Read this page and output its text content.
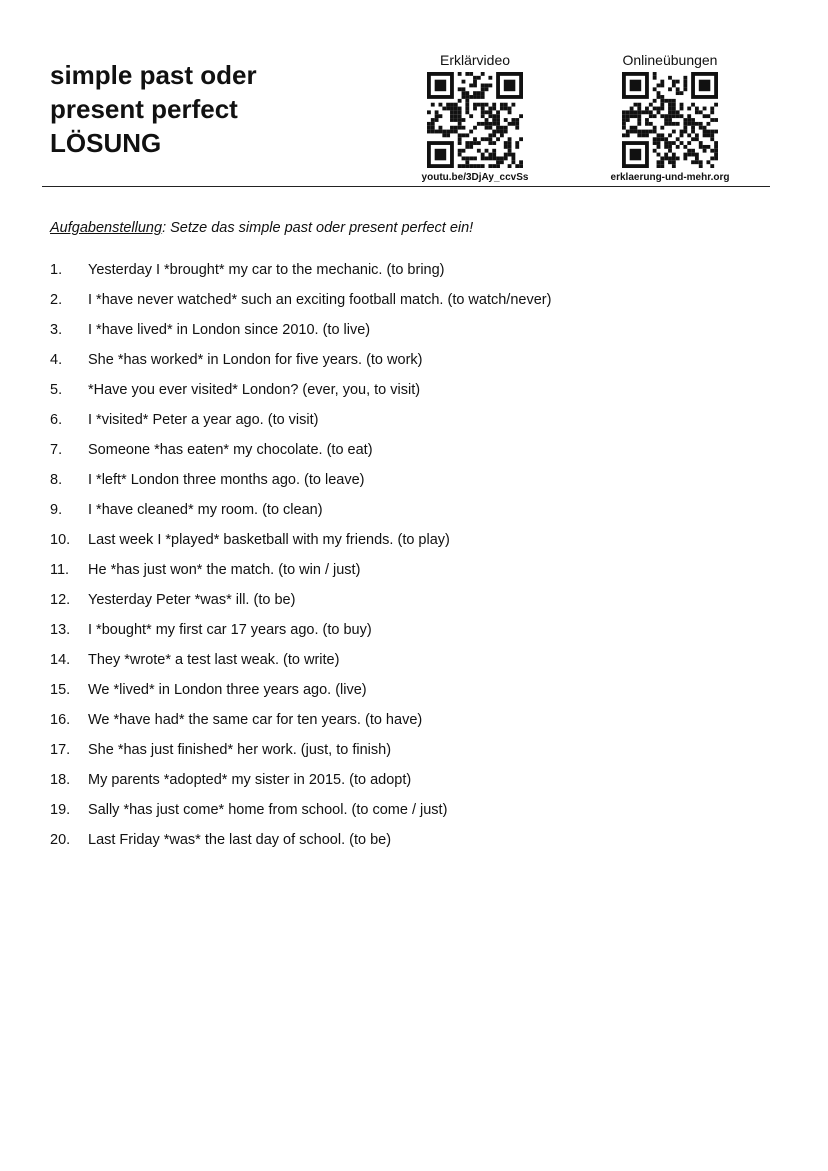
simple past oder
present perfect
LÖSUNG
Erklärvideo
youtu.be/3DjAy_ccvSs
Onlineübungen
erklaerung-und-mehr.org
Aufgabenstellung: Setze das simple past oder present perfect ein!
1. Yesterday I *brought* my car to the mechanic. (to bring)
2. I *have never watched* such an exciting football match. (to watch/never)
3. I *have lived* in London since 2010. (to live)
4. She *has worked* in London for five years. (to work)
5. *Have you ever visited* London? (ever, you, to visit)
6. I *visited* Peter a year ago. (to visit)
7. Someone *has eaten* my chocolate. (to eat)
8. I *left* London three months ago. (to leave)
9. I *have cleaned* my room. (to clean)
10. Last week I *played* basketball with my friends. (to play)
11. He *has just won* the match. (to win / just)
12. Yesterday Peter *was* ill. (to be)
13. I *bought* my first car 17 years ago. (to buy)
14. They *wrote* a test last weak. (to write)
15. We *lived* in London three years ago. (live)
16. We *have had* the same car for ten years. (to have)
17. She *has just finished* her work. (just, to finish)
18. My parents *adopted* my sister in 2015. (to adopt)
19. Sally *has just come* home from school. (to come / just)
20. Last Friday *was* the last day of school. (to be)
